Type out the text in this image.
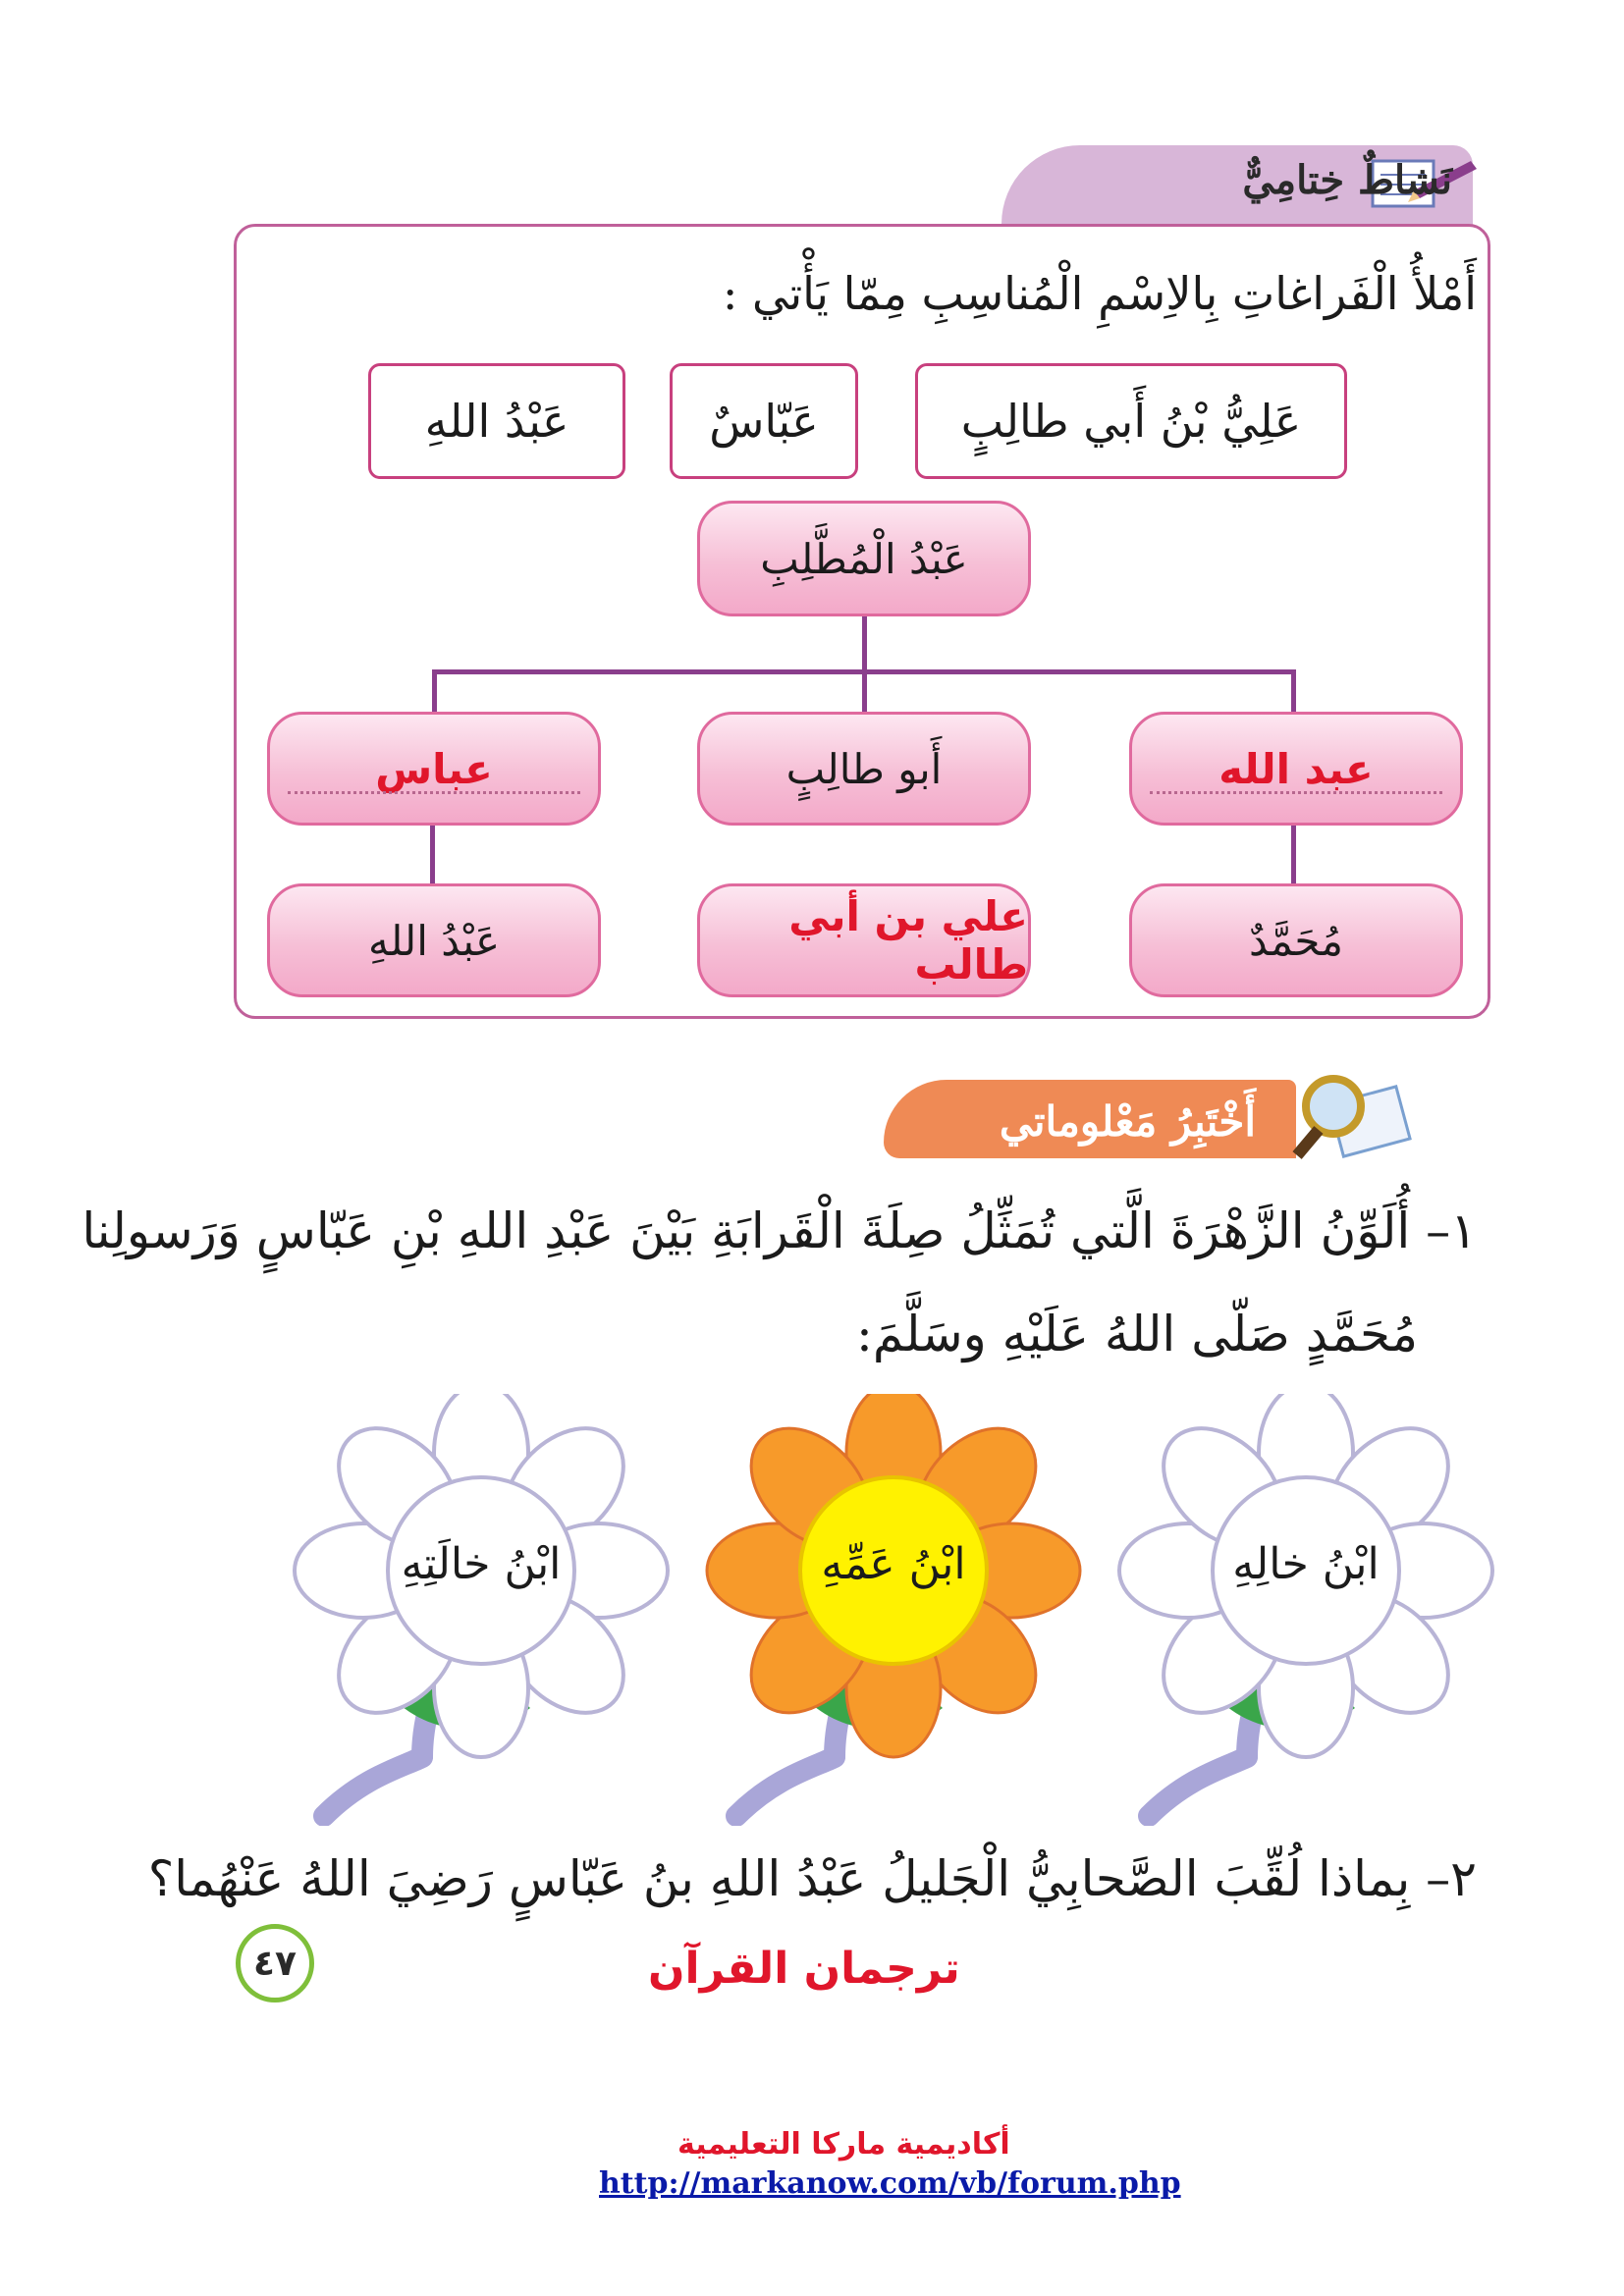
نَشاطٌ خِتامِيٌّ
أَمْلأُ الْفَراغاتِ بِالاِسْمِ الْمُناسِبِ مِمّا يَأْتي :
عَلِيُّ بْنُ أَبي طالِبٍ
عَبّاسٌ
عَبْدُ اللهِ
عَبْدُ الْمُطَّلِبِ
عبد الله
أَبو طالِبٍ
عباس
مُحَمَّدٌ
علي بن أبي طالب
عَبْدُ اللهِ
أَخْتَبِرُ مَعْلوماتي
١– أُلَوِّنُ الزَّهْرَةَ الَّتي تُمَثِّلُ صِلَةَ الْقَرابَةِ بَيْنَ عَبْدِ اللهِ بْنِ عَبّاسٍ وَرَسولِنا
مُحَمَّدٍ صَلّى اللهُ عَلَيْهِ وسَلَّمَ:
ابْنُ خالِهِ
ابْنُ عَمِّهِ
ابْنُ خالَتِهِ
٢– بِماذا لُقِّبَ الصَّحابِيُّ الْجَليلُ عَبْدُ اللهِ بنُ عَبّاسٍ رَضِيَ اللهُ عَنْهُما؟
ترجمان القرآن
٤٧
أكاديمية ماركا التعليمية
http://markanow.com/vb/forum.php
